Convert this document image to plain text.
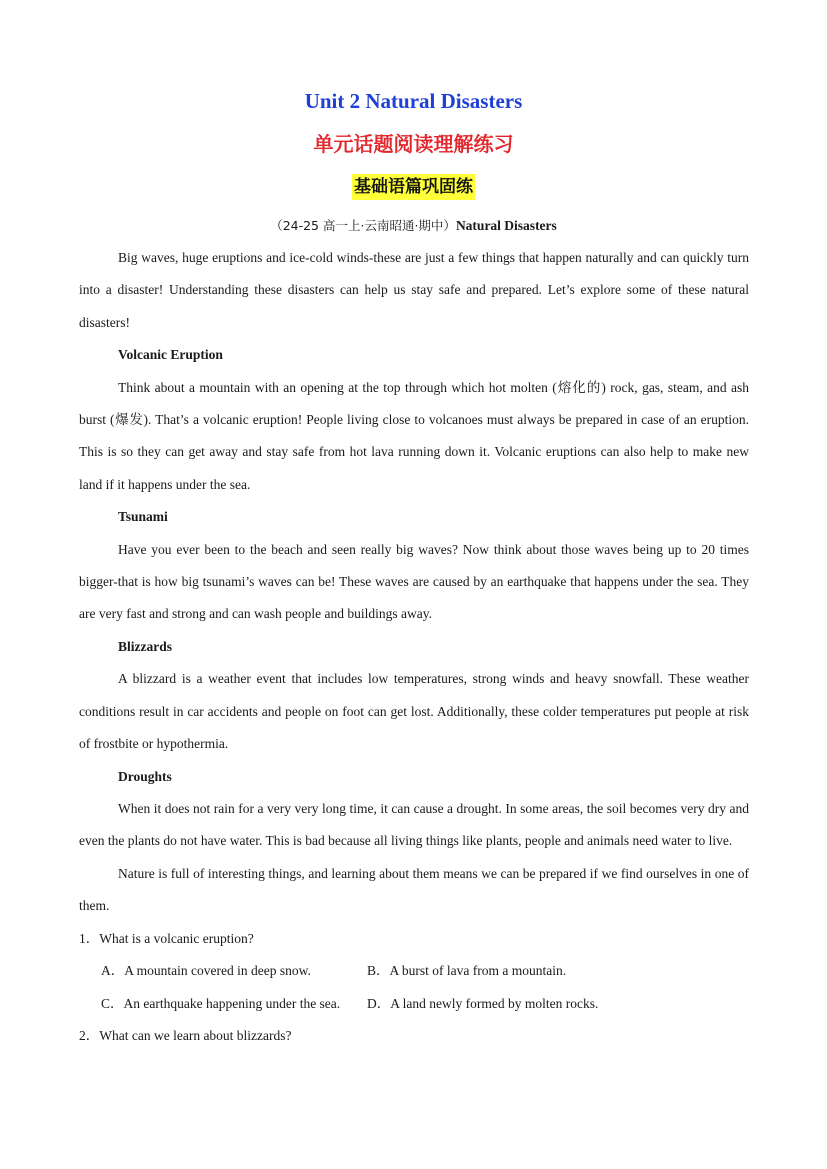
Unit 2 Natural Disasters
单元话题阅读理解练习
基础语篇巩固练
（24-25 高一上·云南昭通·期中）Natural Disasters

Big waves, huge eruptions and ice-cold winds-these are just a few things that happen naturally and can quickly turn into a disaster! Understanding these disasters can help us stay safe and prepared. Let’s explore some of these natural disasters!

Volcanic Eruption

Think about a mountain with an opening at the top through which hot molten (熔化的) rock, gas, steam, and ash burst (爆发). That’s a volcanic eruption! People living close to volcanoes must always be prepared in case of an eruption. This is so they can get away and stay safe from hot lava running down it. Volcanic eruptions can also help to make new land if it happens under the sea.

Tsunami

Have you ever been to the beach and seen really big waves? Now think about those waves being up to 20 times bigger-that is how big tsunami’s waves can be! These waves are caused by an earthquake that happens under the sea. They are very fast and strong and can wash people and buildings away.

Blizzards

A blizzard is a weather event that includes low temperatures, strong winds and heavy snowfall. These weather conditions result in car accidents and people on foot can get lost. Additionally, these colder temperatures put people at risk of frostbite or hypothermia.

Droughts

When it does not rain for a very very long time, it can cause a drought. In some areas, the soil becomes very dry and even the plants do not have water. This is bad because all living things like plants, people and animals need water to live.

Nature is full of interesting things, and learning about them means we can be prepared if we find ourselves in one of them.

1．What is a volcanic eruption?

A．A mountain covered in deep snow.	B．A burst of lava from a mountain.
C．An earthquake happening under the sea.	D．A land newly formed by molten rocks.

2．What can we learn about blizzards?
